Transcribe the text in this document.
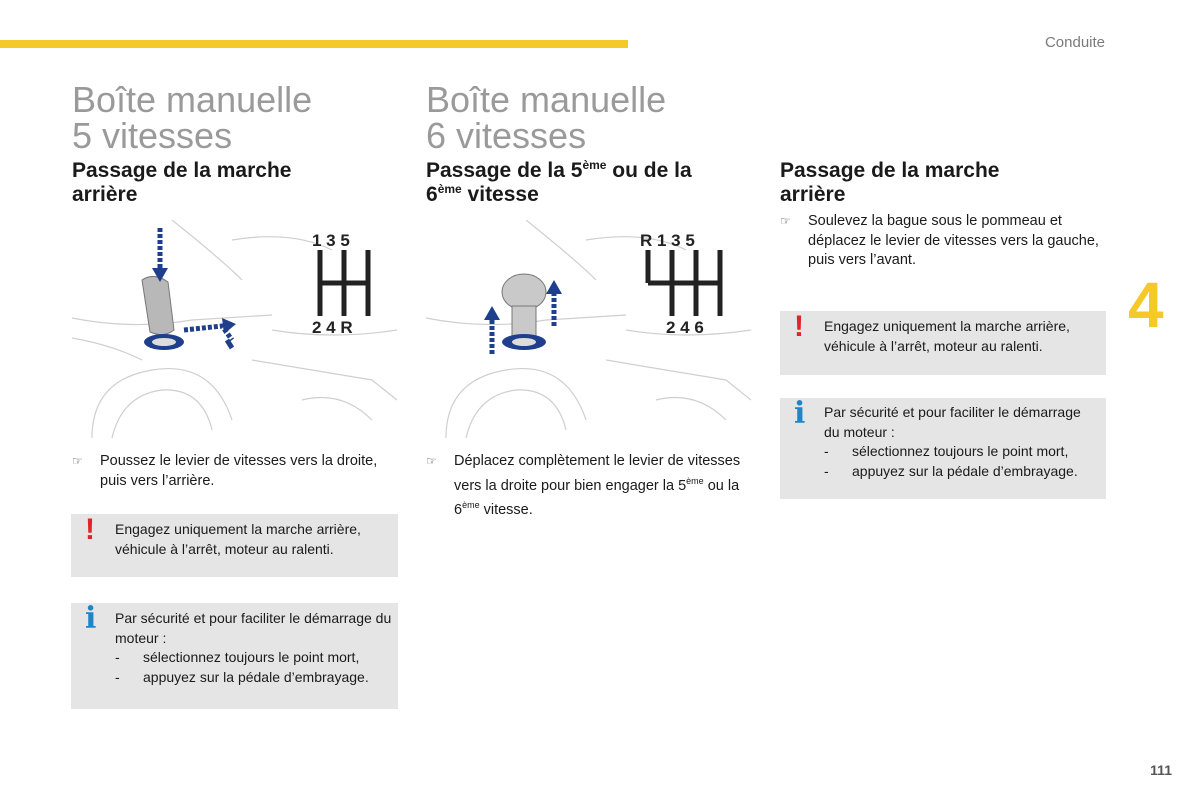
Conduite
4
111
Boîte manuelle
5 vitesses
Passage de la marche arrière
1 3 5
2 4 R
☞	Poussez le levier de vitesses vers la droite, puis vers l’arrière.
! Engagez uniquement la marche arrière, véhicule à l’arrêt, moteur au ralenti.
i Par sécurité et pour faciliter le démarrage du moteur :
- sélectionnez toujours le point mort,
- appuyez sur la pédale d’embrayage.
Boîte manuelle
6 vitesses
Passage de la 5ème ou de la 6ème vitesse
R 1 3 5
2 4 6
☞	Déplacez complètement le levier de vitesses vers la droite pour bien engager la 5ème ou la 6ème vitesse.
Passage de la marche arrière
☞	Soulevez la bague sous le pommeau et déplacez le levier de vitesses vers la gauche, puis vers l’avant.
! Engagez uniquement la marche arrière, véhicule à l’arrêt, moteur au ralenti.
i Par sécurité et pour faciliter le démarrage du moteur :
- sélectionnez toujours le point mort,
- appuyez sur la pédale d’embrayage.
